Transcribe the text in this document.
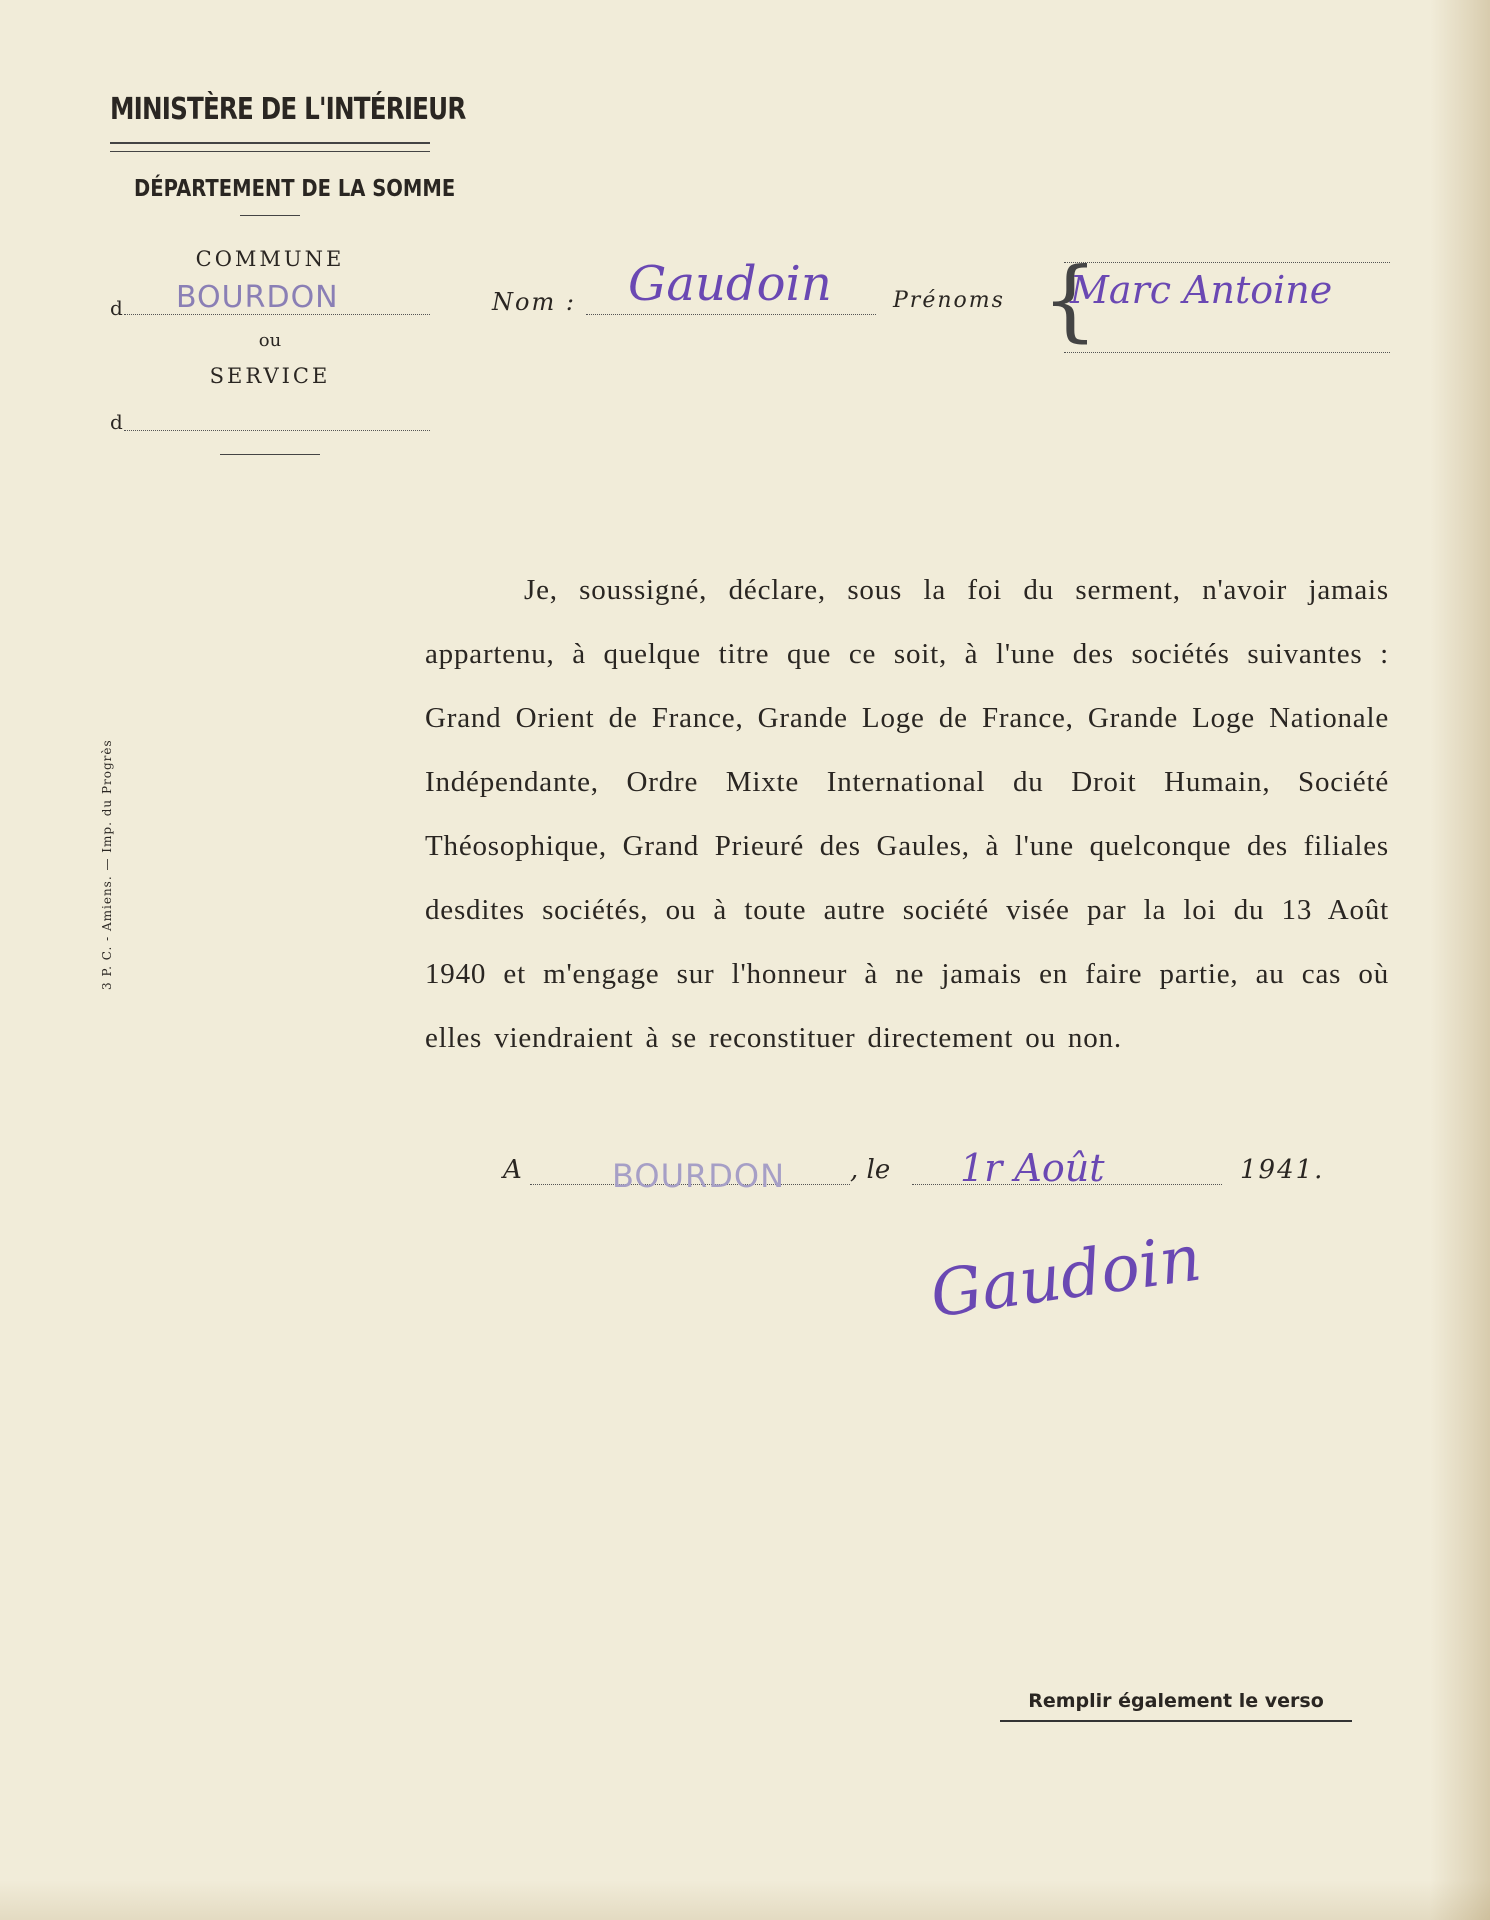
MINISTÈRE DE L'INTÉRIEUR
DÉPARTEMENT DE LA SOMME
COMMUNE
d BOURDON
ou
SERVICE
d
Nom : Gaudoin	Prénoms {
Marc Antoine
Je, soussigné, déclare, sous la foi du serment, n'avoir jamais appartenu, à quelque titre que ce soit, à l'une des sociétés suivantes : Grand Orient de France, Grande Loge de France, Grande Loge Nationale Indépendante, Ordre Mixte International du Droit Humain, Société Théosophique, Grand Prieuré des Gaules, à l'une quelconque des filiales desdites sociétés, ou à toute autre société visée par la loi du 13 Août 1940 et m'engage sur l'honneur à ne jamais en faire partie, au cas où elles viendraient à se reconstituer directement ou non.
A	BOURDON	, le 1r Août	1941.
Gaudoin
3 P. C. - Amiens. — Imp. du Progrès
Remplir également le verso
